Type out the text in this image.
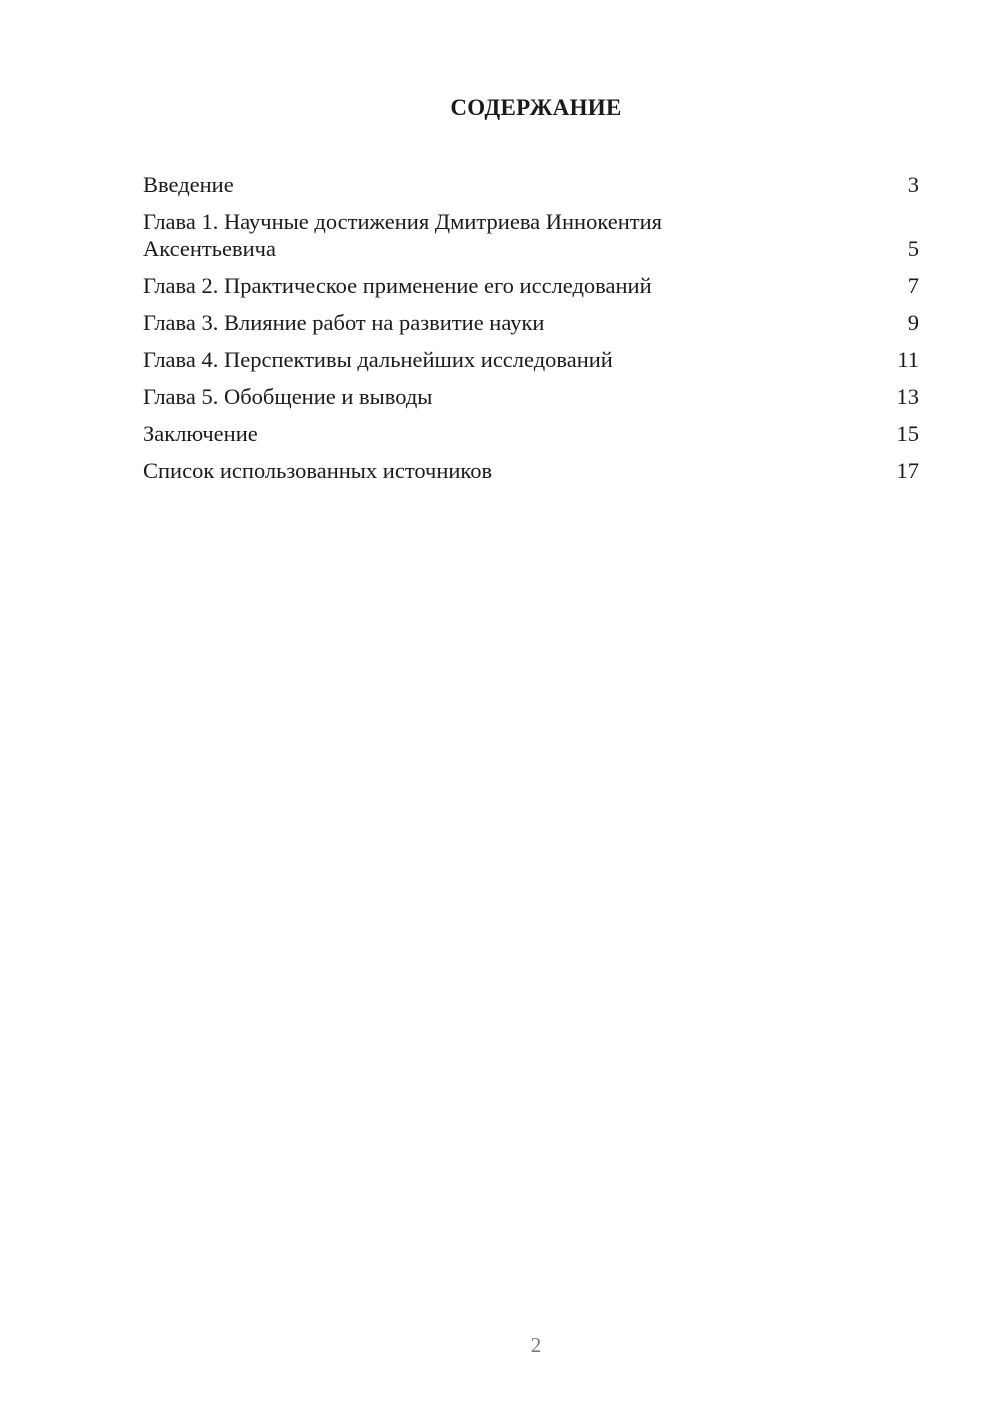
СОДЕРЖАНИЕ
Введение	3
Глава 1. Научные достижения Дмитриева Иннокентия Аксентьевича	5
Глава 2. Практическое применение его исследований	7
Глава 3. Влияние работ на развитие науки	9
Глава 4. Перспективы дальнейших исследований	11
Глава 5. Обобщение и выводы	13
Заключение	15
Список использованных источников	17
2
